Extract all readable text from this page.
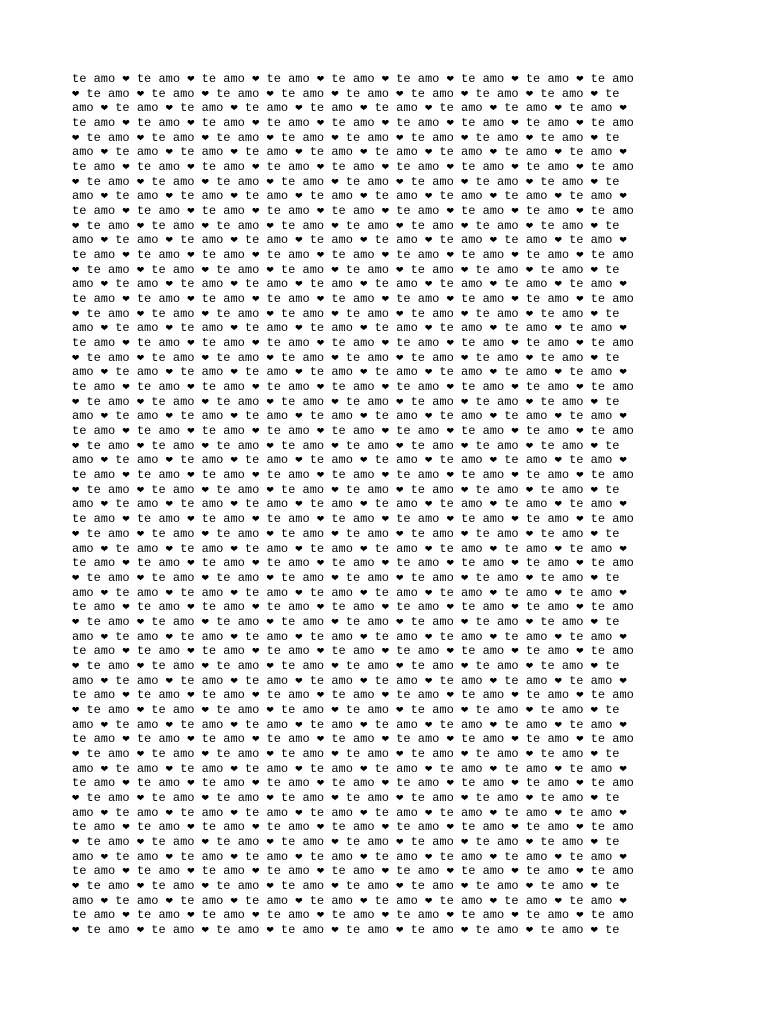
te amo ❤ te amo ❤ te amo ❤ te amo ❤ te amo ❤ te amo ❤ te amo ❤ te amo ❤ te amo
❤ te amo ❤ te amo ❤ te amo ❤ te amo ❤ te amo ❤ te amo ❤ te amo ❤ te amo ❤ te
amo ❤ te amo ❤ te amo ❤ te amo ❤ te amo ❤ te amo ❤ te amo ❤ te amo ❤ te amo ❤
te amo ❤ te amo ❤ te amo ❤ te amo ❤ te amo ❤ te amo ❤ te amo ❤ te amo ❤ te amo
❤ te amo ❤ te amo ❤ te amo ❤ te amo ❤ te amo ❤ te amo ❤ te amo ❤ te amo ❤ te
amo ❤ te amo ❤ te amo ❤ te amo ❤ te amo ❤ te amo ❤ te amo ❤ te amo ❤ te amo ❤
te amo ❤ te amo ❤ te amo ❤ te amo ❤ te amo ❤ te amo ❤ te amo ❤ te amo ❤ te amo
❤ te amo ❤ te amo ❤ te amo ❤ te amo ❤ te amo ❤ te amo ❤ te amo ❤ te amo ❤ te
amo ❤ te amo ❤ te amo ❤ te amo ❤ te amo ❤ te amo ❤ te amo ❤ te amo ❤ te amo ❤
te amo ❤ te amo ❤ te amo ❤ te amo ❤ te amo ❤ te amo ❤ te amo ❤ te amo ❤ te amo
❤ te amo ❤ te amo ❤ te amo ❤ te amo ❤ te amo ❤ te amo ❤ te amo ❤ te amo ❤ te
amo ❤ te amo ❤ te amo ❤ te amo ❤ te amo ❤ te amo ❤ te amo ❤ te amo ❤ te amo ❤
te amo ❤ te amo ❤ te amo ❤ te amo ❤ te amo ❤ te amo ❤ te amo ❤ te amo ❤ te amo
❤ te amo ❤ te amo ❤ te amo ❤ te amo ❤ te amo ❤ te amo ❤ te amo ❤ te amo ❤ te
amo ❤ te amo ❤ te amo ❤ te amo ❤ te amo ❤ te amo ❤ te amo ❤ te amo ❤ te amo ❤
te amo ❤ te amo ❤ te amo ❤ te amo ❤ te amo ❤ te amo ❤ te amo ❤ te amo ❤ te amo
❤ te amo ❤ te amo ❤ te amo ❤ te amo ❤ te amo ❤ te amo ❤ te amo ❤ te amo ❤ te
amo ❤ te amo ❤ te amo ❤ te amo ❤ te amo ❤ te amo ❤ te amo ❤ te amo ❤ te amo ❤
te amo ❤ te amo ❤ te amo ❤ te amo ❤ te amo ❤ te amo ❤ te amo ❤ te amo ❤ te amo
❤ te amo ❤ te amo ❤ te amo ❤ te amo ❤ te amo ❤ te amo ❤ te amo ❤ te amo ❤ te
amo ❤ te amo ❤ te amo ❤ te amo ❤ te amo ❤ te amo ❤ te amo ❤ te amo ❤ te amo ❤
te amo ❤ te amo ❤ te amo ❤ te amo ❤ te amo ❤ te amo ❤ te amo ❤ te amo ❤ te amo
❤ te amo ❤ te amo ❤ te amo ❤ te amo ❤ te amo ❤ te amo ❤ te amo ❤ te amo ❤ te
amo ❤ te amo ❤ te amo ❤ te amo ❤ te amo ❤ te amo ❤ te amo ❤ te amo ❤ te amo ❤
te amo ❤ te amo ❤ te amo ❤ te amo ❤ te amo ❤ te amo ❤ te amo ❤ te amo ❤ te amo
❤ te amo ❤ te amo ❤ te amo ❤ te amo ❤ te amo ❤ te amo ❤ te amo ❤ te amo ❤ te
amo ❤ te amo ❤ te amo ❤ te amo ❤ te amo ❤ te amo ❤ te amo ❤ te amo ❤ te amo ❤
te amo ❤ te amo ❤ te amo ❤ te amo ❤ te amo ❤ te amo ❤ te amo ❤ te amo ❤ te amo
❤ te amo ❤ te amo ❤ te amo ❤ te amo ❤ te amo ❤ te amo ❤ te amo ❤ te amo ❤ te
amo ❤ te amo ❤ te amo ❤ te amo ❤ te amo ❤ te amo ❤ te amo ❤ te amo ❤ te amo ❤
te amo ❤ te amo ❤ te amo ❤ te amo ❤ te amo ❤ te amo ❤ te amo ❤ te amo ❤ te amo
❤ te amo ❤ te amo ❤ te amo ❤ te amo ❤ te amo ❤ te amo ❤ te amo ❤ te amo ❤ te
amo ❤ te amo ❤ te amo ❤ te amo ❤ te amo ❤ te amo ❤ te amo ❤ te amo ❤ te amo ❤
te amo ❤ te amo ❤ te amo ❤ te amo ❤ te amo ❤ te amo ❤ te amo ❤ te amo ❤ te amo
❤ te amo ❤ te amo ❤ te amo ❤ te amo ❤ te amo ❤ te amo ❤ te amo ❤ te amo ❤ te
amo ❤ te amo ❤ te amo ❤ te amo ❤ te amo ❤ te amo ❤ te amo ❤ te amo ❤ te amo ❤
te amo ❤ te amo ❤ te amo ❤ te amo ❤ te amo ❤ te amo ❤ te amo ❤ te amo ❤ te amo
❤ te amo ❤ te amo ❤ te amo ❤ te amo ❤ te amo ❤ te amo ❤ te amo ❤ te amo ❤ te
amo ❤ te amo ❤ te amo ❤ te amo ❤ te amo ❤ te amo ❤ te amo ❤ te amo ❤ te amo ❤
te amo ❤ te amo ❤ te amo ❤ te amo ❤ te amo ❤ te amo ❤ te amo ❤ te amo ❤ te amo
❤ te amo ❤ te amo ❤ te amo ❤ te amo ❤ te amo ❤ te amo ❤ te amo ❤ te amo ❤ te
amo ❤ te amo ❤ te amo ❤ te amo ❤ te amo ❤ te amo ❤ te amo ❤ te amo ❤ te amo ❤
te amo ❤ te amo ❤ te amo ❤ te amo ❤ te amo ❤ te amo ❤ te amo ❤ te amo ❤ te amo
❤ te amo ❤ te amo ❤ te amo ❤ te amo ❤ te amo ❤ te amo ❤ te amo ❤ te amo ❤ te
amo ❤ te amo ❤ te amo ❤ te amo ❤ te amo ❤ te amo ❤ te amo ❤ te amo ❤ te amo ❤
te amo ❤ te amo ❤ te amo ❤ te amo ❤ te amo ❤ te amo ❤ te amo ❤ te amo ❤ te amo
❤ te amo ❤ te amo ❤ te amo ❤ te amo ❤ te amo ❤ te amo ❤ te amo ❤ te amo ❤ te
amo ❤ te amo ❤ te amo ❤ te amo ❤ te amo ❤ te amo ❤ te amo ❤ te amo ❤ te amo ❤
te amo ❤ te amo ❤ te amo ❤ te amo ❤ te amo ❤ te amo ❤ te amo ❤ te amo ❤ te amo
❤ te amo ❤ te amo ❤ te amo ❤ te amo ❤ te amo ❤ te amo ❤ te amo ❤ te amo ❤ te
amo ❤ te amo ❤ te amo ❤ te amo ❤ te amo ❤ te amo ❤ te amo ❤ te amo ❤ te amo ❤
te amo ❤ te amo ❤ te amo ❤ te amo ❤ te amo ❤ te amo ❤ te amo ❤ te amo ❤ te amo
❤ te amo ❤ te amo ❤ te amo ❤ te amo ❤ te amo ❤ te amo ❤ te amo ❤ te amo ❤ te
amo ❤ te amo ❤ te amo ❤ te amo ❤ te amo ❤ te amo ❤ te amo ❤ te amo ❤ te amo ❤
te amo ❤ te amo ❤ te amo ❤ te amo ❤ te amo ❤ te amo ❤ te amo ❤ te amo ❤ te amo
❤ te amo ❤ te amo ❤ te amo ❤ te amo ❤ te amo ❤ te amo ❤ te amo ❤ te amo ❤ te
amo ❤ te amo ❤ te amo ❤ te amo ❤ te amo ❤ te amo ❤ te amo ❤ te amo ❤ te amo ❤
te amo ❤ te amo ❤ te amo ❤ te amo ❤ te amo ❤ te amo ❤ te amo ❤ te amo ❤ te amo
❤ te amo ❤ te amo ❤ te amo ❤ te amo ❤ te amo ❤ te amo ❤ te amo ❤ te amo ❤ te
